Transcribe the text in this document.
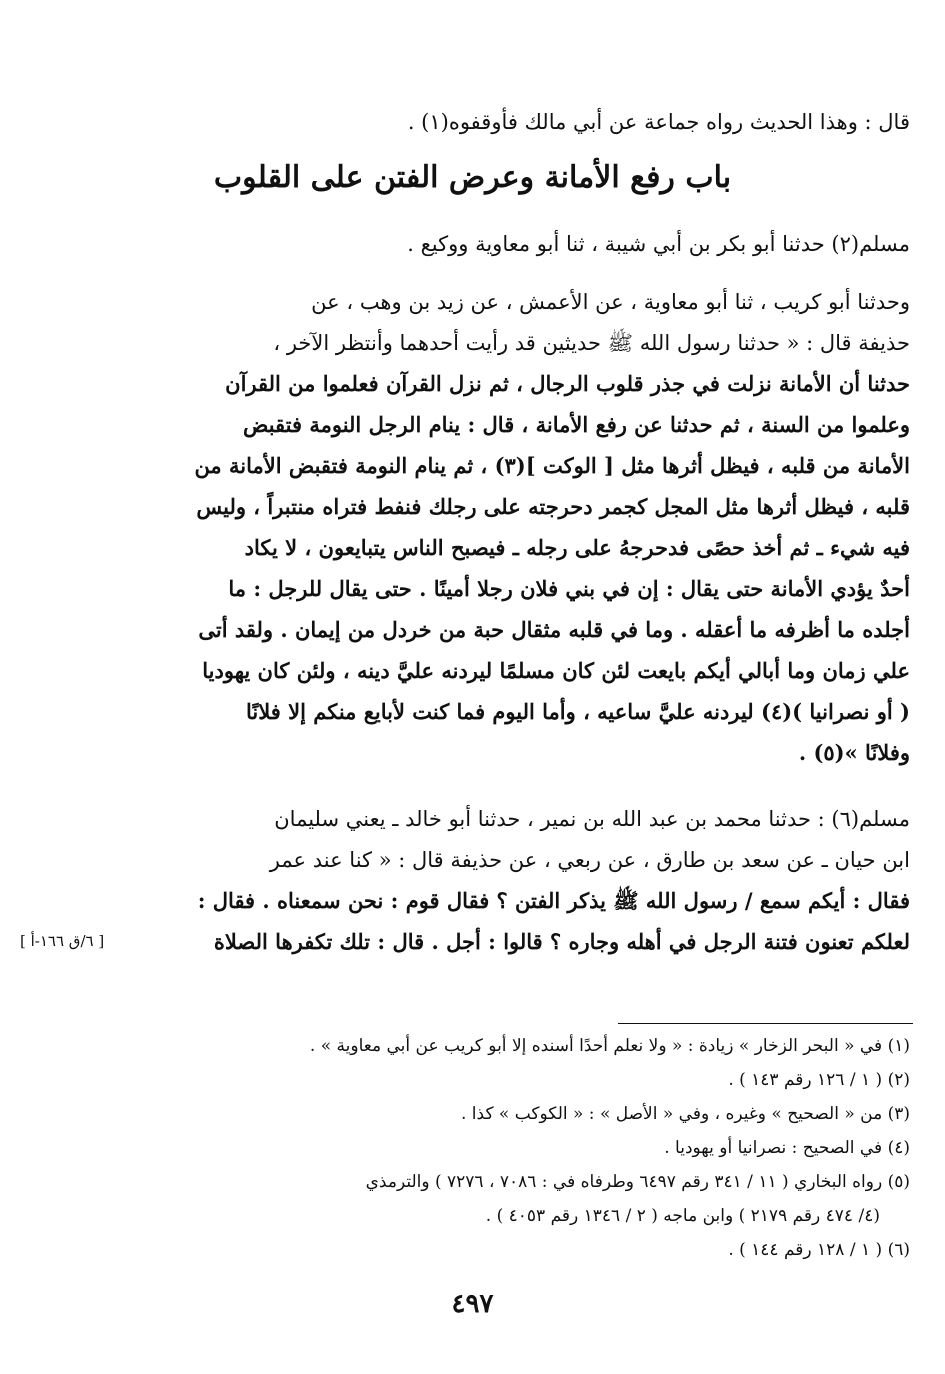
قال : وهذا الحديث رواه جماعة عن أبي مالك فأوقفوه(١) .
باب رفع الأمانة وعرض الفتن على القلوب
مسلم(٢) حدثنا أبو بكر بن أبي شيبة ، ثنا أبو معاوية ووكيع .
وحدثنا أبو كريب ، ثنا أبو معاوية ، عن الأعمش ، عن زيد بن وهب ، عن
حذيفة قال : « حدثنا رسول الله ﷺ حديثين قد رأيت أحدهما وأنتظر الآخر ،
حدثنا أن الأمانة نزلت في جذر قلوب الرجال ، ثم نزل القرآن فعلموا من القرآن
وعلموا من السنة ، ثم حدثنا عن رفع الأمانة ، قال : ينام الرجل النومة فتقبض
الأمانة من قلبه ، فيظل أثرها مثل [ الوكت ](٣) ، ثم ينام النومة فتقبض الأمانة من
قلبه ، فيظل أثرها مثل المجل كجمر دحرجته على رجلك فنفط فتراه منتبراً ، وليس
فيه شيء ـ ثم أخذ حصًى فدحرجهُ على رجله ـ فيصبح الناس يتبايعون ، لا يكاد
أحدٌ يؤدي الأمانة حتى يقال : إن في بني فلان رجلا أمينًا . حتى يقال للرجل : ما
أجلده ما أظرفه ما أعقله . وما في قلبه مثقال حبة من خردل من إيمان . ولقد أتى
علي زمان وما أبالي أيكم بايعت لئن كان مسلمًا ليردنه عليَّ دينه ، ولئن كان يهوديا
( أو نصرانيا )(٤) ليردنه عليَّ ساعيه ، وأما اليوم فما كنت لأبايع منكم إلا فلانًا
وفلانًا »(٥) .
مسلم(٦) : حدثنا محمد بن عبد الله بن نمير ، حدثنا أبو خالد ـ يعني سليمان
ابن حيان ـ عن سعد بن طارق ، عن ربعي ، عن حذيفة قال : « كنا عند عمر
فقال : أيكم سمع / رسول الله ﷺ يذكر الفتن ؟ فقال قوم : نحن سمعناه . فقال :
لعلكم تعنون فتنة الرجل في أهله وجاره ؟ قالوا : أجل . قال : تلك تكفرها الصلاة
[ ٦/ق ١٦٦-أ ]
(١) في « البحر الزخار » زيادة : « ولا نعلم أحدًا أسنده إلا أبو كريب عن أبي معاوية » .
(٢) ( ١ / ١٢٦ رقم ١٤٣ ) .
(٣) من « الصحيح » وغيره ، وفي « الأصل » : « الكوكب » كذا .
(٤) في الصحيح : نصرانيا أو يهوديا .
(٥) رواه البخاري ( ١١ / ٣٤١ رقم ٦٤٩٧ وطرفاه في : ٧٠٨٦ ، ٧٢٧٦ ) والترمذي
(٤/ ٤٧٤ رقم ٢١٧٩ ) وابن ماجه ( ٢ / ١٣٤٦ رقم ٤٠٥٣ ) .
(٦) ( ١ / ١٢٨ رقم ١٤٤ ) .
٤٩٧
